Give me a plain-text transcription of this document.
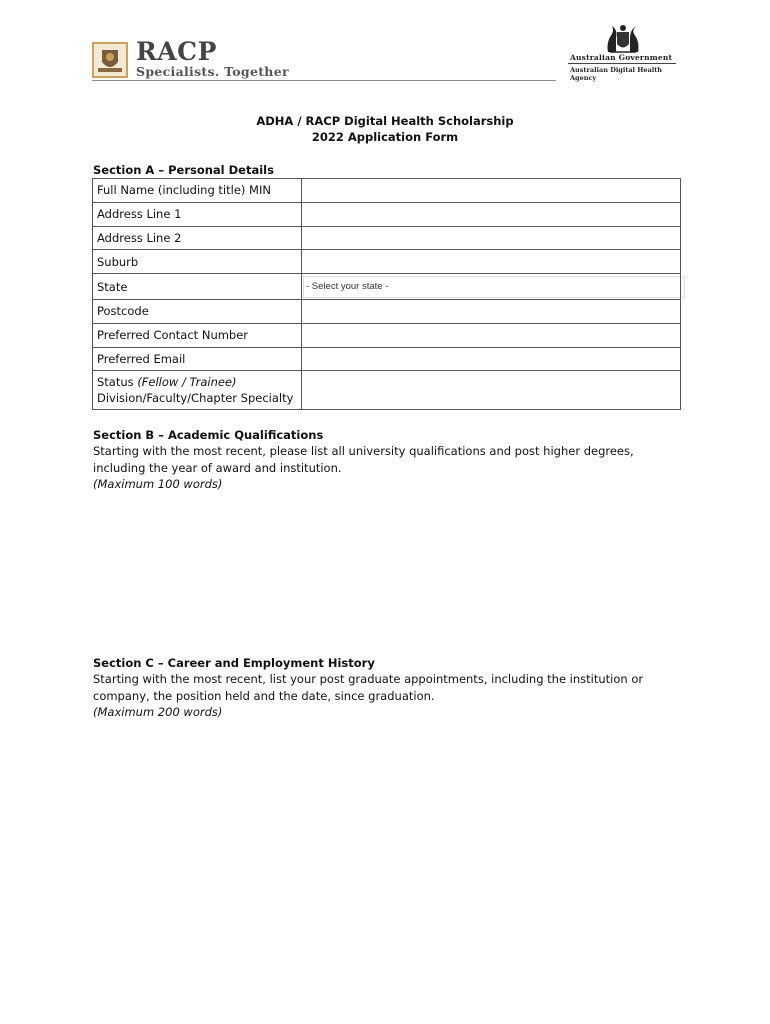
RACP
Specialists. Together
Australian Government
Australian Digital Health Agency
ADHA / RACP Digital Health Scholarship
2022 Application Form
Section A – Personal Details
Full Name (including title) MIN	
Address Line 1	
Address Line 2	
Suburb	
State	- Select your state -

Postcode	
Preferred Contact Number	
Preferred Email	
Status (Fellow / Trainee)
Division/Faculty/Chapter Specialty	
Section B – Academic Qualifications
Starting with the most recent, please list all university qualifications and post higher degrees, including the year of award and institution.
(Maximum 100 words)
Section C – Career and Employment History
Starting with the most recent, list your post graduate appointments, including the institution or company, the position held and the date, since graduation.
(Maximum 200 words)
